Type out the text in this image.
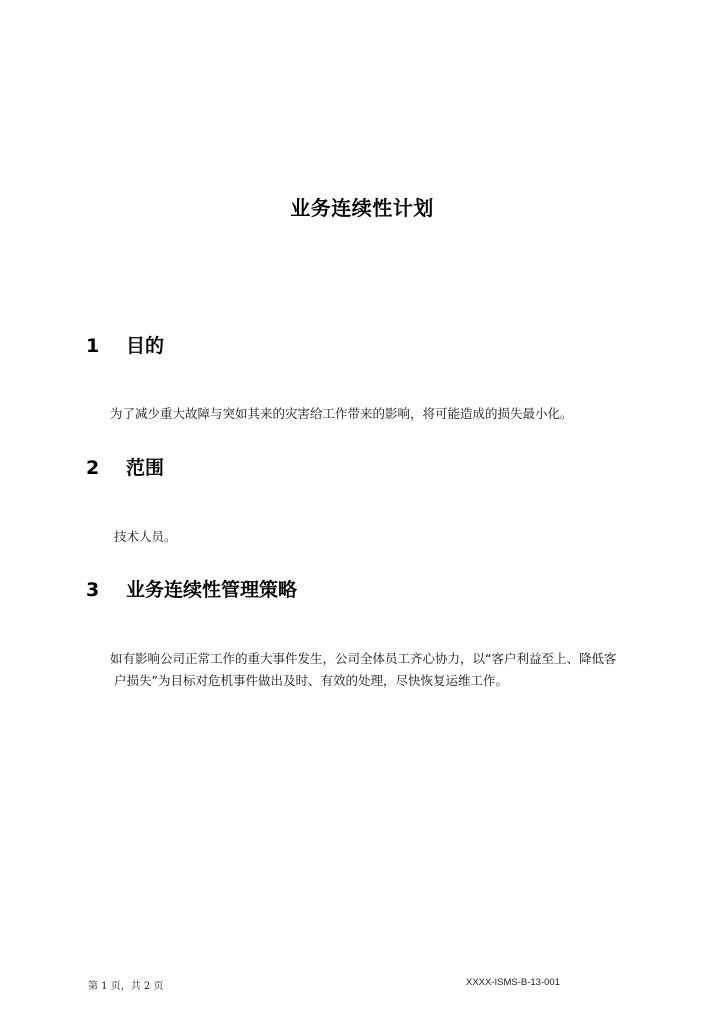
业务连续性计划
1 目的
为了减少重大故障与突如其来的灾害给工作带来的影响，将可能造成的损失最小化。
2 范围
技术人员。
3 业务连续性管理策略
如有影响公司正常工作的重大事件发生，公司全体员工齐心协力，以“客户利益至上、降低客
户损失”为目标对危机事件做出及时、有效的处理，尽快恢复运维工作。
第 1 页，共 2 页	XXXX-ISMS-B-13-001
